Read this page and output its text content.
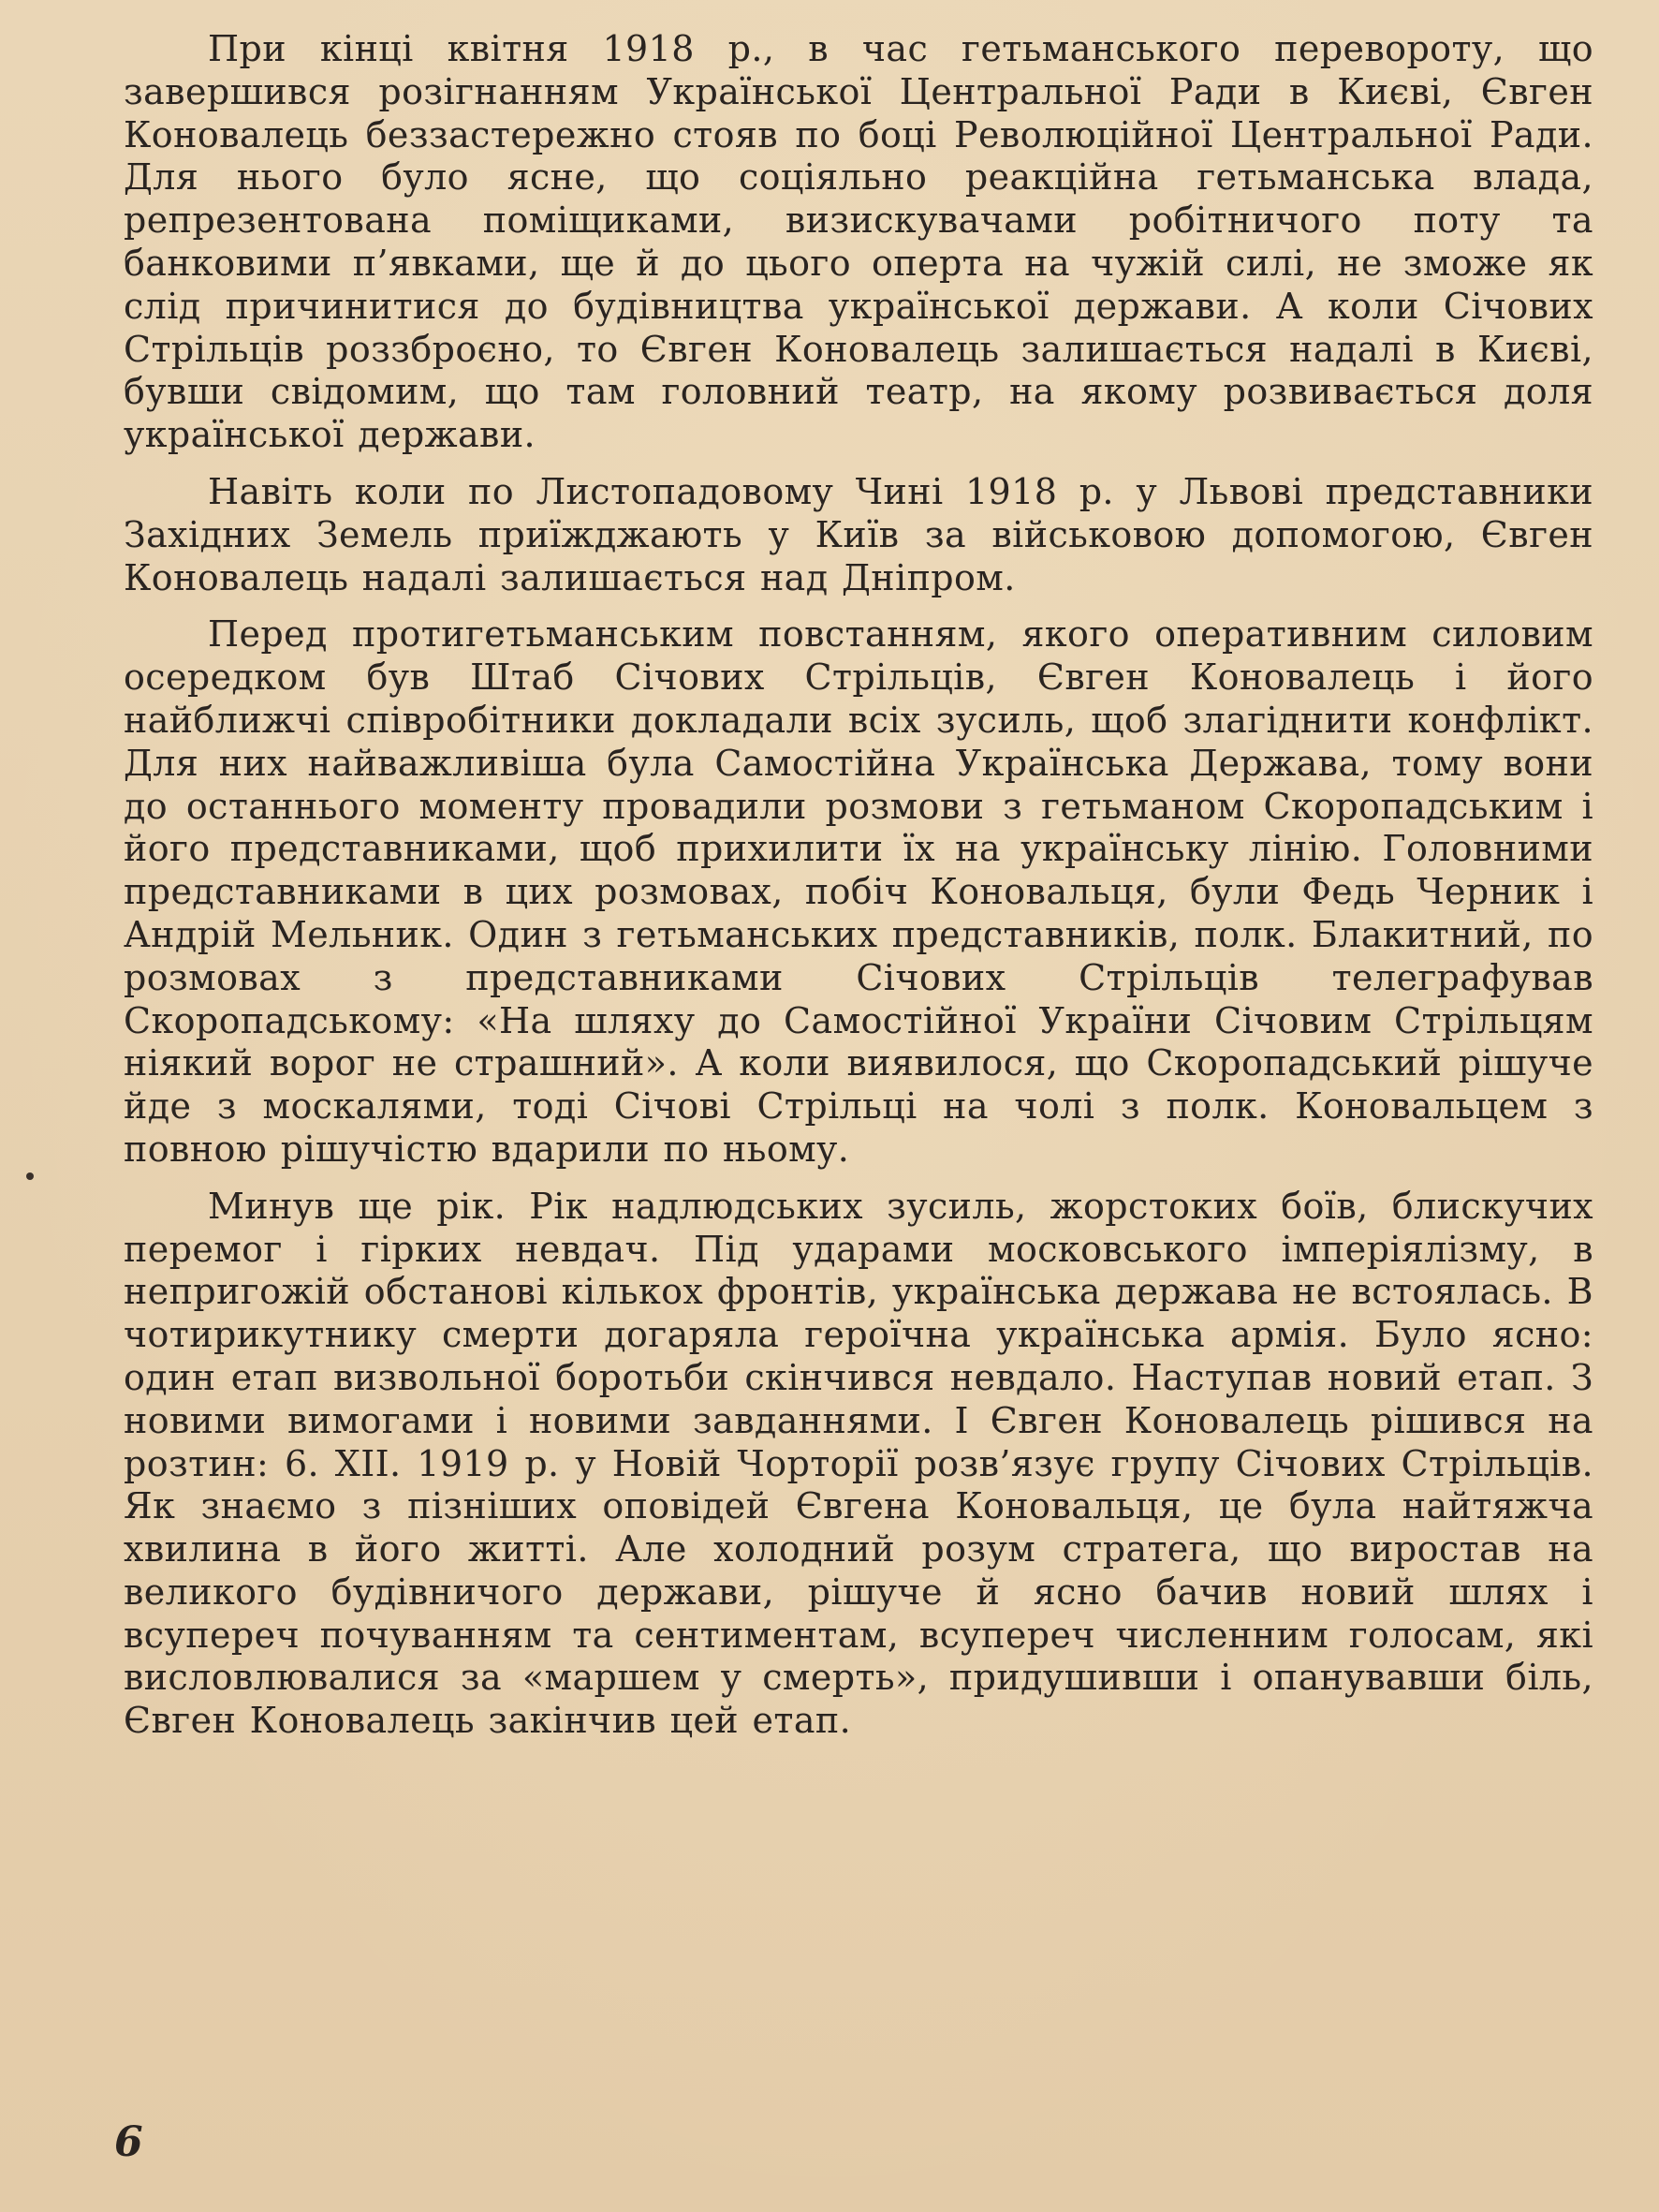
При кінці квітня 1918 р., в час гетьманського перевороту, що завершився розігнанням Української Центральної Ради в Києві, Євген Коновалець беззастережно стояв по боці Революційної Центральної Ради. Для нього було ясне, що соціяльно реакційна гетьманська влада, репрезентована поміщиками, визискувачами робітничого поту та банковими п’явками, ще й до цього оперта на чужій силі, не зможе як слід причинитися до будівництва української держави. А коли Січових Стрільців роззброєно, то Євген Коновалець залишається надалі в Києві, бувши свідомим, що там головний театр, на якому розвивається доля української держави.

Навіть коли по Листопадовому Чині 1918 р. у Львові представники Західних Земель приїжджають у Київ за військовою допомогою, Євген Коновалець надалі залишається над Дніпром.

Перед протигетьманським повстанням, якого оперативним силовим осередком був Штаб Січових Стрільців, Євген Коновалець і його найближчі співробітники докладали всіх зусиль, щоб злагіднити конфлікт. Для них найважливіша була Самостійна Українська Держава, тому вони до останнього моменту провадили розмови з гетьманом Скоропадським і його представниками, щоб прихилити їх на українську лінію. Головними представниками в цих розмовах, побіч Коновальця, були Федь Черник і Андрій Мельник. Один з гетьманських представників, полк. Блакитний, по розмовах з представниками Січових Стрільців телеграфував Скоропадському: «На шляху до Самостійної України Січовим Стрільцям ніякий ворог не страшний». А коли виявилося, що Скоропадський рішуче йде з москалями, тоді Січові Стрільці на чолі з полк. Коновальцем з повною рішучістю вдарили по ньому.

Минув ще рік. Рік надлюдських зусиль, жорстоких боїв, блискучих перемог і гірких невдач. Під ударами московського імперіялізму, в непригожій обстанові кількох фронтів, українська держава не встоялась. В чотирикутнику смерти догаряла героїчна українська армія. Було ясно: один етап визвольної боротьби скінчився невдало. Наступав новий етап. З новими вимогами і новими завданнями. І Євген Коновалець рішився на розтин: 6. XII. 1919 р. у Новій Чорторії розв’язує групу Січових Стрільців. Як знаємо з пізніших оповідей Євгена Коновальця, це була найтяжча хвилина в його житті. Але холодний розум стратега, що виростав на великого будівничого держави, рішуче й ясно бачив новий шлях і всупереч почуванням та сентиментам, всупереч численним голосам, які висловлювалися за «маршем у смерть», придушивши і опанувавши біль, Євген Коновалець закінчив цей етап.

6
